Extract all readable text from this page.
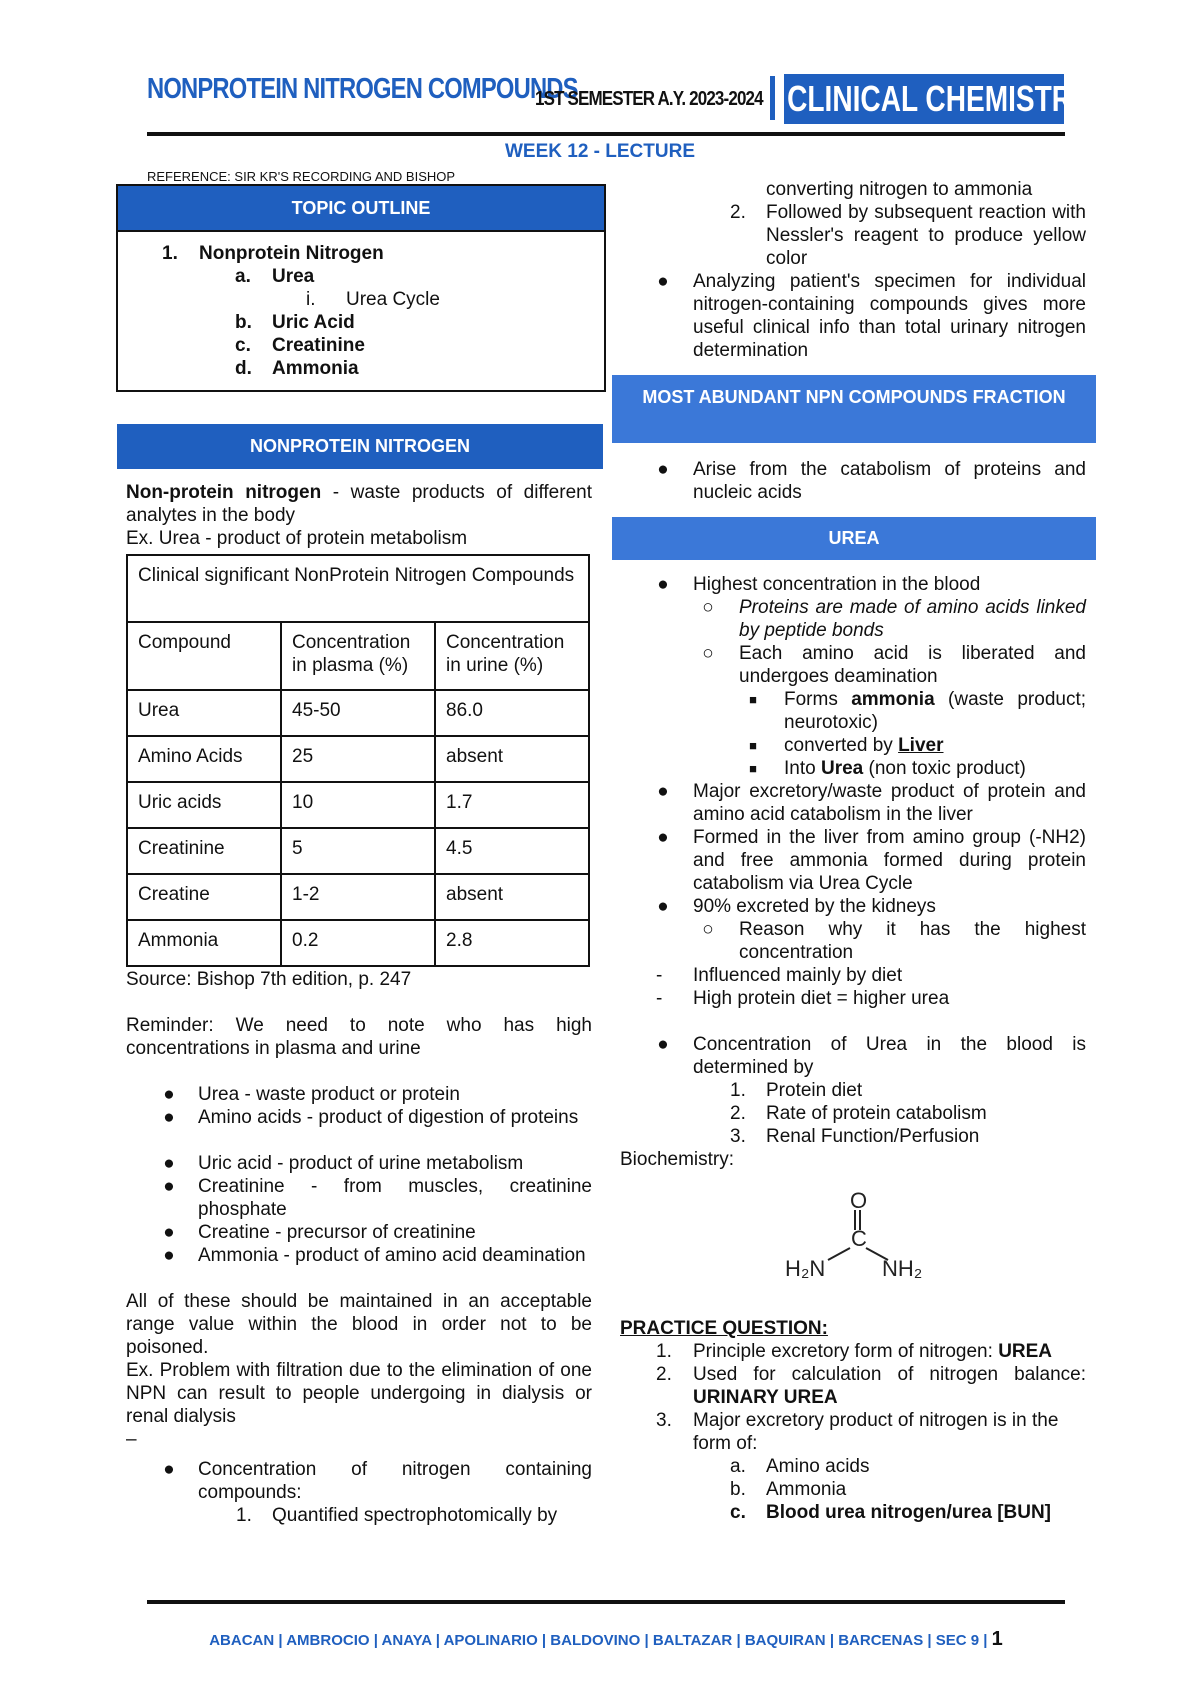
NONPROTEIN NITROGEN COMPOUNDS
1ST SEMESTER A.Y. 2023-2024 CLINICAL CHEMISTRY 1
WEEK 12 - LECTURE
REFERENCE: SIR KR'S RECORDING AND BISHOP
TOPIC OUTLINE
1. Nonprotein Nitrogen
a. Urea
i. Urea Cycle
b. Uric Acid
c. Creatinine
d. Ammonia
NONPROTEIN NITROGEN
Non-protein nitrogen - waste products of different analytes in the body
Ex. Urea - product of protein metabolism
Clinical significant NonProtein Nitrogen Compounds		
Compound	Concentration in plasma (%)	Concentration in urine (%)
Urea	45-50	86.0
Amino Acids	25	absent
Uric acids	10	1.7
Creatinine	5	4.5
Creatine	1-2	absent
Ammonia	0.2	2.8
Source: Bishop 7th edition, p. 247
Reminder: We need to note who has high concentrations in plasma and urine
● Urea - waste product or protein
● Amino acids - product of digestion of proteins
● Uric acid - product of urine metabolism
● Creatinine - from muscles, creatinine phosphate
● Creatine - precursor of creatinine
● Ammonia - product of amino acid deamination
All of these should be maintained in an acceptable range value within the blood in order not to be poisoned.
Ex. Problem with filtration due to the elimination of one NPN can result to people undergoing in dialysis or renal dialysis
–
● Concentration of nitrogen containing compounds:
1. Quantified spectrophotomically by
converting nitrogen to ammonia
2. Followed by subsequent reaction with Nessler's reagent to produce yellow color
● Analyzing patient's specimen for individual nitrogen-containing compounds gives more useful clinical info than total urinary nitrogen determination
MOST ABUNDANT NPN COMPOUNDS FRACTION
● Arise from the catabolism of proteins and nucleic acids
UREA
● Highest concentration in the blood
○ Proteins are made of amino acids linked by peptide bonds
○ Each amino acid is liberated and undergoes deamination
■ Forms ammonia (waste product; neurotoxic)
■ converted by Liver
■ Into Urea (non toxic product)
● Major excretory/waste product of protein and amino acid catabolism in the liver
● Formed in the liver from amino group (-NH2) and free ammonia formed during protein catabolism via Urea Cycle
● 90% excreted by the kidneys
○ Reason why it has the highest concentration
- Influenced mainly by diet
- High protein diet = higher urea
● Concentration of Urea in the blood is determined by
1. Protein diet
2. Rate of protein catabolism
3. Renal Function/Perfusion
Biochemistry:
O
C
H₂N	NH₂
PRACTICE QUESTION:
1. Principle excretory form of nitrogen: UREA
2. Used for calculation of nitrogen balance: URINARY UREA
3. Major excretory product of nitrogen is in the form of:
a. Amino acids
b. Ammonia
c. Blood urea nitrogen/urea [BUN]
ABACAN | AMBROCIO | ANAYA | APOLINARIO | BALDOVINO | BALTAZAR | BAQUIRAN | BARCENAS | SEC 9 | 1
